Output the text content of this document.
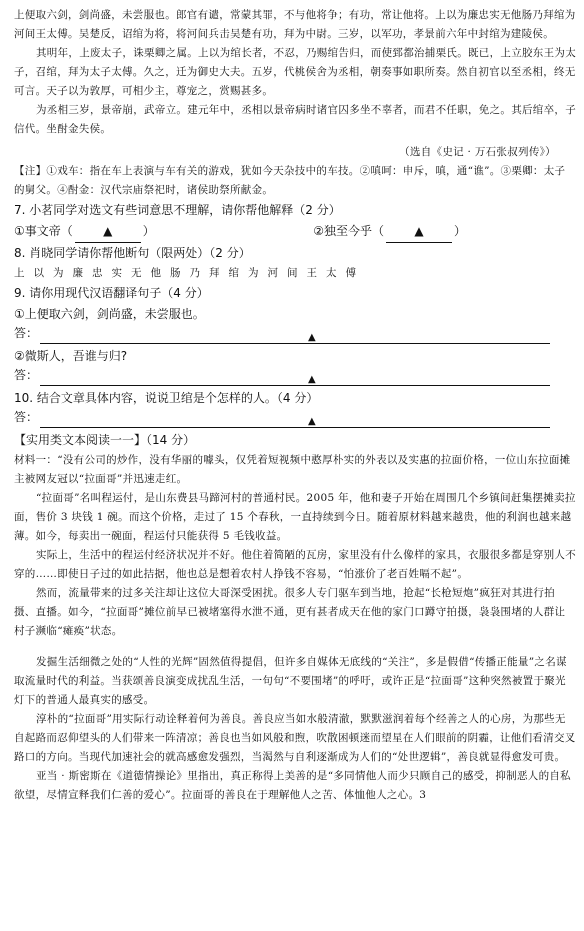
上便取六剑，剑尚盛，未尝服也。郎官有谴，常蒙其罪，不与他将争；有功，常让他将。上以为廉忠实无他肠乃拜绾为河间王太傅。吴楚反，诏绾为将，将河间兵击吴楚有功，拜为中尉。三岁，以军功，孝景前六年中封绾为建陵侯。

其明年，上废太子，诛栗卿之属。上以为绾长者，不忍，乃赐绾告归，而使郅都治捕栗氏。既已，上立胶东王为太子，召绾，拜为太子太傅。久之，迁为御史大夫。五岁，代桃侯舍为丞相，朝奏事如职所奏。然自初官以至丞相，终无可言。天子以为敦厚，可相少主，尊宠之，赏赐甚多。

为丞相三岁，景帝崩，武帝立。建元年中，丞相以景帝病时诸官囚多坐不辜者，而君不任职，免之。其后绾卒，子信代。坐酎金失侯。

（选自《史记 · 万石张叔列传》）

【注】①戏车：指在车上表演与车有关的游戏，犹如今天杂技中的车技。②嗔呵：申斥，嗔，通“谯”。③栗卿：太子的舅父。④酎金：汉代宗庙祭祀时，诸侯助祭所献金。

7. 小茗同学对选文有些词意思不理解，请你帮他解释（2 分）

①事文帝（	▲	）	②独至今乎（	▲	）

8. 肖晓同学请你帮他断句（限两处）（2 分）

上以为廉忠实无他肠乃拜绾为河间王太傅

9. 请你用现代汉语翻译句子（4 分）

①上便取六剑，剑尚盛，未尝服也。

答：	▲

②微斯人，吾谁与归?

答：	▲

10. 结合文章具体内容，说说卫绾是个怎样的人。（4 分）

答：	▲

【实用类文本阅读一一】（14 分）

材料一：“没有公司的炒作，没有华丽的噱头，仅凭着短视频中憨厚朴实的外表以及实惠的拉面价格，一位山东拉面摊主被网友冠以“拉面哥”并迅速走红。

“拉面哥”名叫程运付，是山东费县马蹄河村的普通村民。2005 年，他和妻子开始在周围几个乡镇间赶集摆摊卖拉面，售价 3 块钱 1 碗。而这个价格，走过了 15 个春秋，一直持续到今日。随着原材料越来越贵，他的利润也越来越薄。如今，每卖出一碗面，程运付只能获得 5 毛钱收益。

实际上，生活中的程运付经济状况并不好。他住着简陋的瓦房，家里没有什么像样的家具，衣服很多都是穿别人不穿的……即使日子过的如此拮据，他也总是想着农村人挣钱不容易，“怕涨价了老百姓嗝不起”。

然而，流量带来的过多关注却让这位大哥深受困扰。很多人专门驱车到当地，抢起“长枪短炮”疯狂对其进行拍摄、直播。如今，“拉面哥”摊位前早已被堵塞得水泄不通，更有甚者成天在他的家门口蹲守拍摄，袅袅围堵的人群让村子濒临“瘫痪”状态。

发掘生活细微之处的“人性的光辉”固然值得提倡，但许多自媒体无底线的“关注”，多是假借“传播正能量”之名谋取流量时代的利益。当获颂善良演变成扰乱生活，一句句“不要围堵”的呼吁，或许正是“拉面哥”这种突然被置于聚光灯下的普通人最真实的感受。

淳朴的“拉面哥”用实际行动诠释着何为善良。善良应当如水般清澈，默默滋润着每个经善之人的心房，为那些无自起路而忍仰望头的人们带来一阵清凉；善良也当如风般和煦，吹散困顿迷而望星在人们眼前的阴霾，让他们看清交叉路口的方向。当现代加速社会的就高感愈发强烈，当渴然与自利逐渐成为人们的“处世逻辑”，善良就显得愈发可贵。

亚当 · 斯密斯在《道德情操论》里指出，真正称得上美善的是“多同情他人而少只顾自己的感受，抑制恶人的自私欲望，尽情宣释我们仁善的爱心”。拉面哥的善良在于理解他人之苦、体恤他人之心。3
